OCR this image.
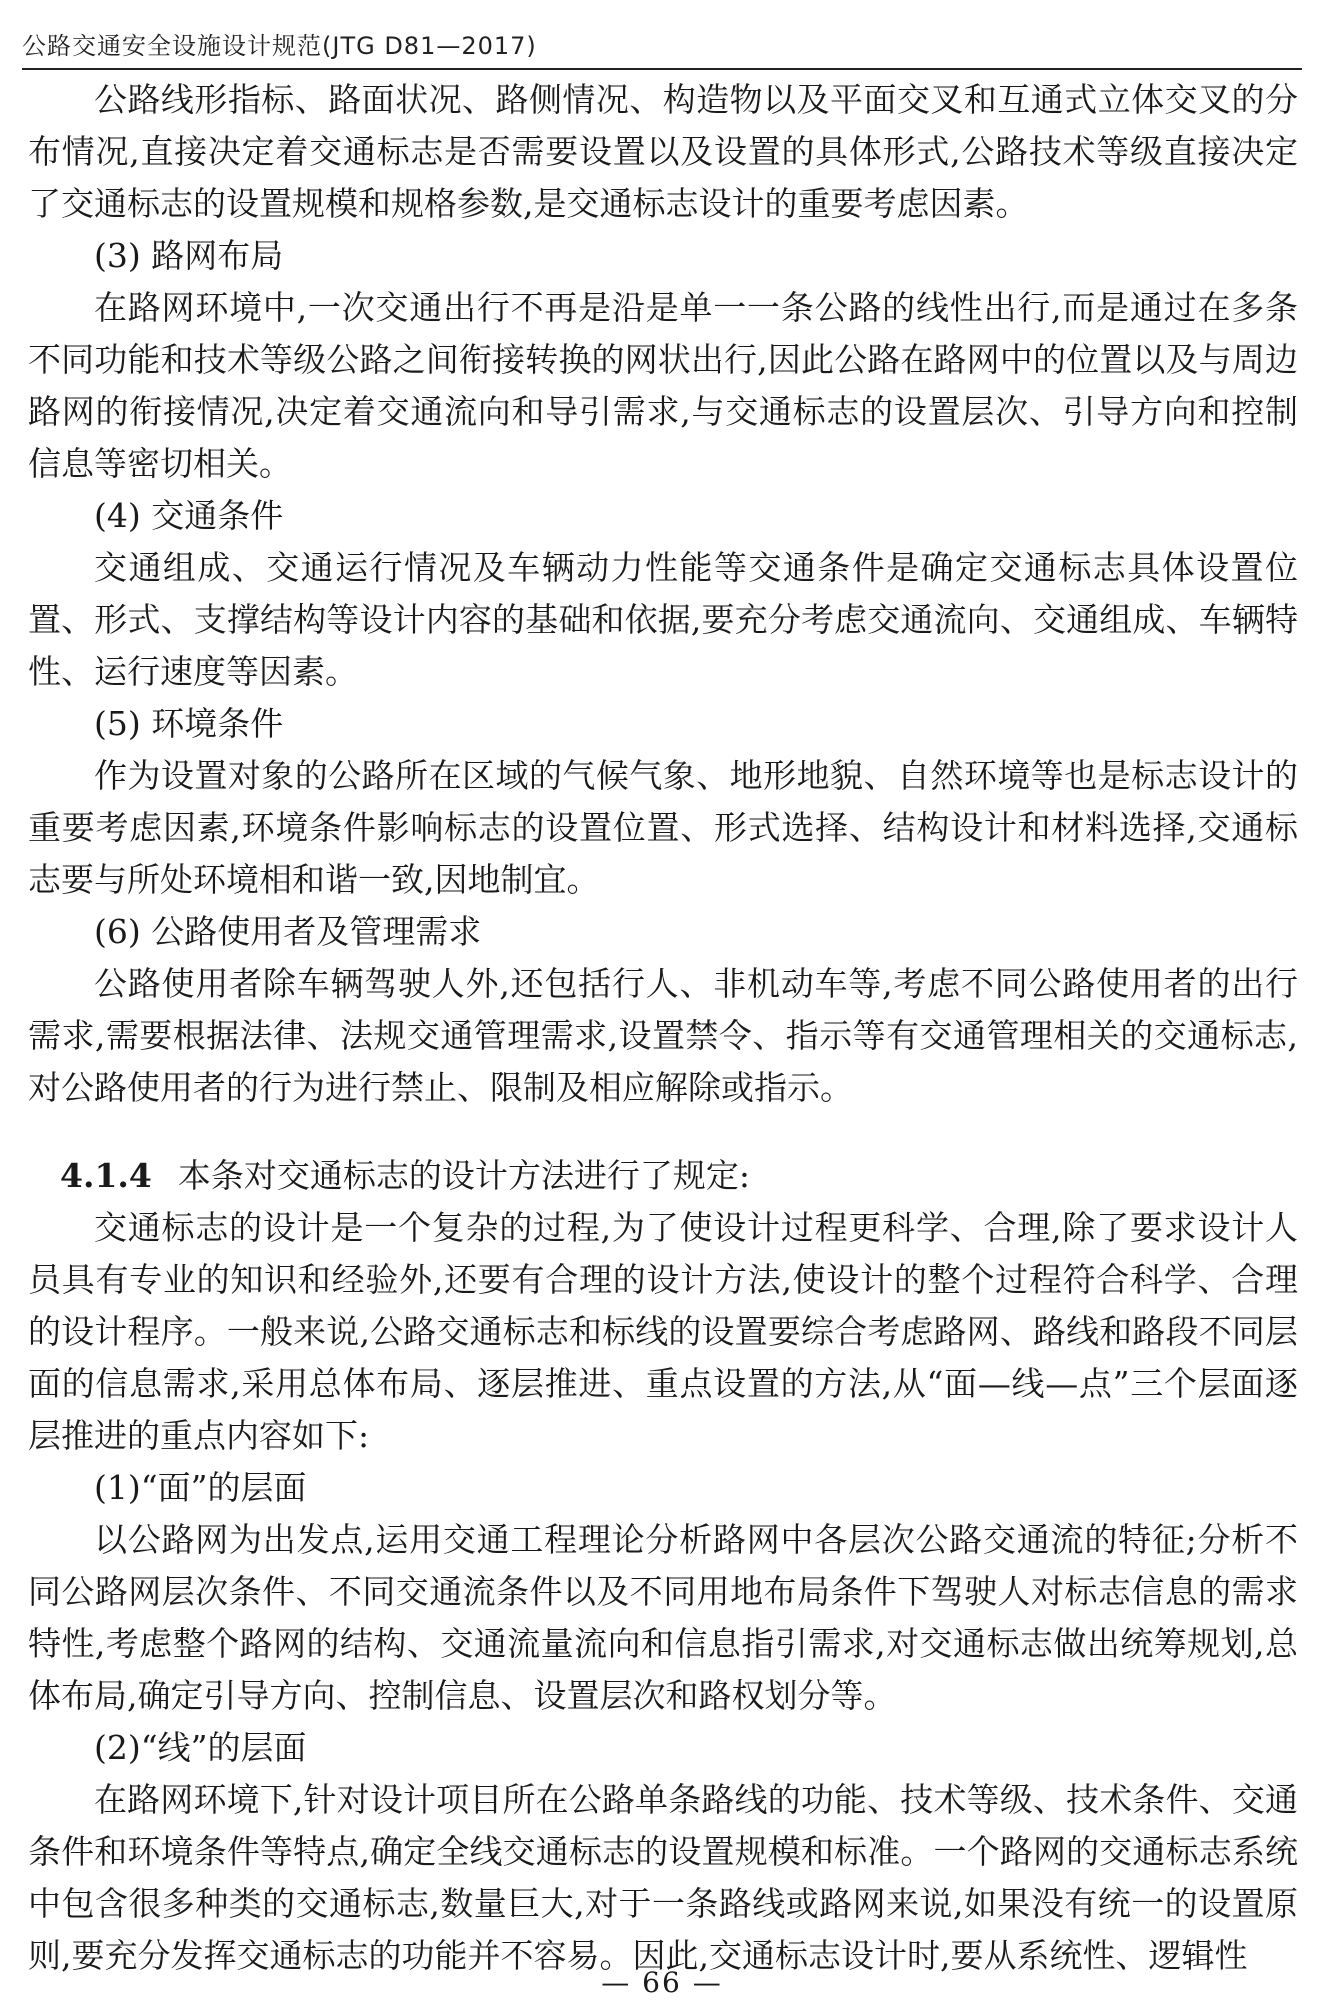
公路交通安全设施设计规范(JTG D81—2017)
公路线形指标、路面状况、路侧情况、构造物以及平面交叉和互通式立体交叉的分布情况,直接决定着交通标志是否需要设置以及设置的具体形式,公路技术等级直接决定了交通标志的设置规模和规格参数,是交通标志设计的重要考虑因素。
(3) 路网布局
在路网环境中,一次交通出行不再是沿是单一一条公路的线性出行,而是通过在多条不同功能和技术等级公路之间衔接转换的网状出行,因此公路在路网中的位置以及与周边路网的衔接情况,决定着交通流向和导引需求,与交通标志的设置层次、引导方向和控制信息等密切相关。
(4) 交通条件
交通组成、交通运行情况及车辆动力性能等交通条件是确定交通标志具体设置位置、形式、支撑结构等设计内容的基础和依据,要充分考虑交通流向、交通组成、车辆特性、运行速度等因素。
(5) 环境条件
作为设置对象的公路所在区域的气候气象、地形地貌、自然环境等也是标志设计的重要考虑因素,环境条件影响标志的设置位置、形式选择、结构设计和材料选择,交通标志要与所处环境相和谐一致,因地制宜。
(6) 公路使用者及管理需求
公路使用者除车辆驾驶人外,还包括行人、非机动车等,考虑不同公路使用者的出行需求,需要根据法律、法规交通管理需求,设置禁令、指示等有交通管理相关的交通标志,对公路使用者的行为进行禁止、限制及相应解除或指示。
4.1.4 本条对交通标志的设计方法进行了规定:
交通标志的设计是一个复杂的过程,为了使设计过程更科学、合理,除了要求设计人员具有专业的知识和经验外,还要有合理的设计方法,使设计的整个过程符合科学、合理的设计程序。一般来说,公路交通标志和标线的设置要综合考虑路网、路线和路段不同层面的信息需求,采用总体布局、逐层推进、重点设置的方法,从“面—线—点”三个层面逐层推进的重点内容如下:
(1)“面”的层面
以公路网为出发点,运用交通工程理论分析路网中各层次公路交通流的特征;分析不同公路网层次条件、不同交通流条件以及不同用地布局条件下驾驶人对标志信息的需求特性,考虑整个路网的结构、交通流量流向和信息指引需求,对交通标志做出统筹规划,总体布局,确定引导方向、控制信息、设置层次和路权划分等。
(2)“线”的层面
在路网环境下,针对设计项目所在公路单条路线的功能、技术等级、技术条件、交通条件和环境条件等特点,确定全线交通标志的设置规模和标准。一个路网的交通标志系统中包含很多种类的交通标志,数量巨大,对于一条路线或路网来说,如果没有统一的设置原则,要充分发挥交通标志的功能并不容易。因此,交通标志设计时,要从系统性、逻辑性
— 66 —
